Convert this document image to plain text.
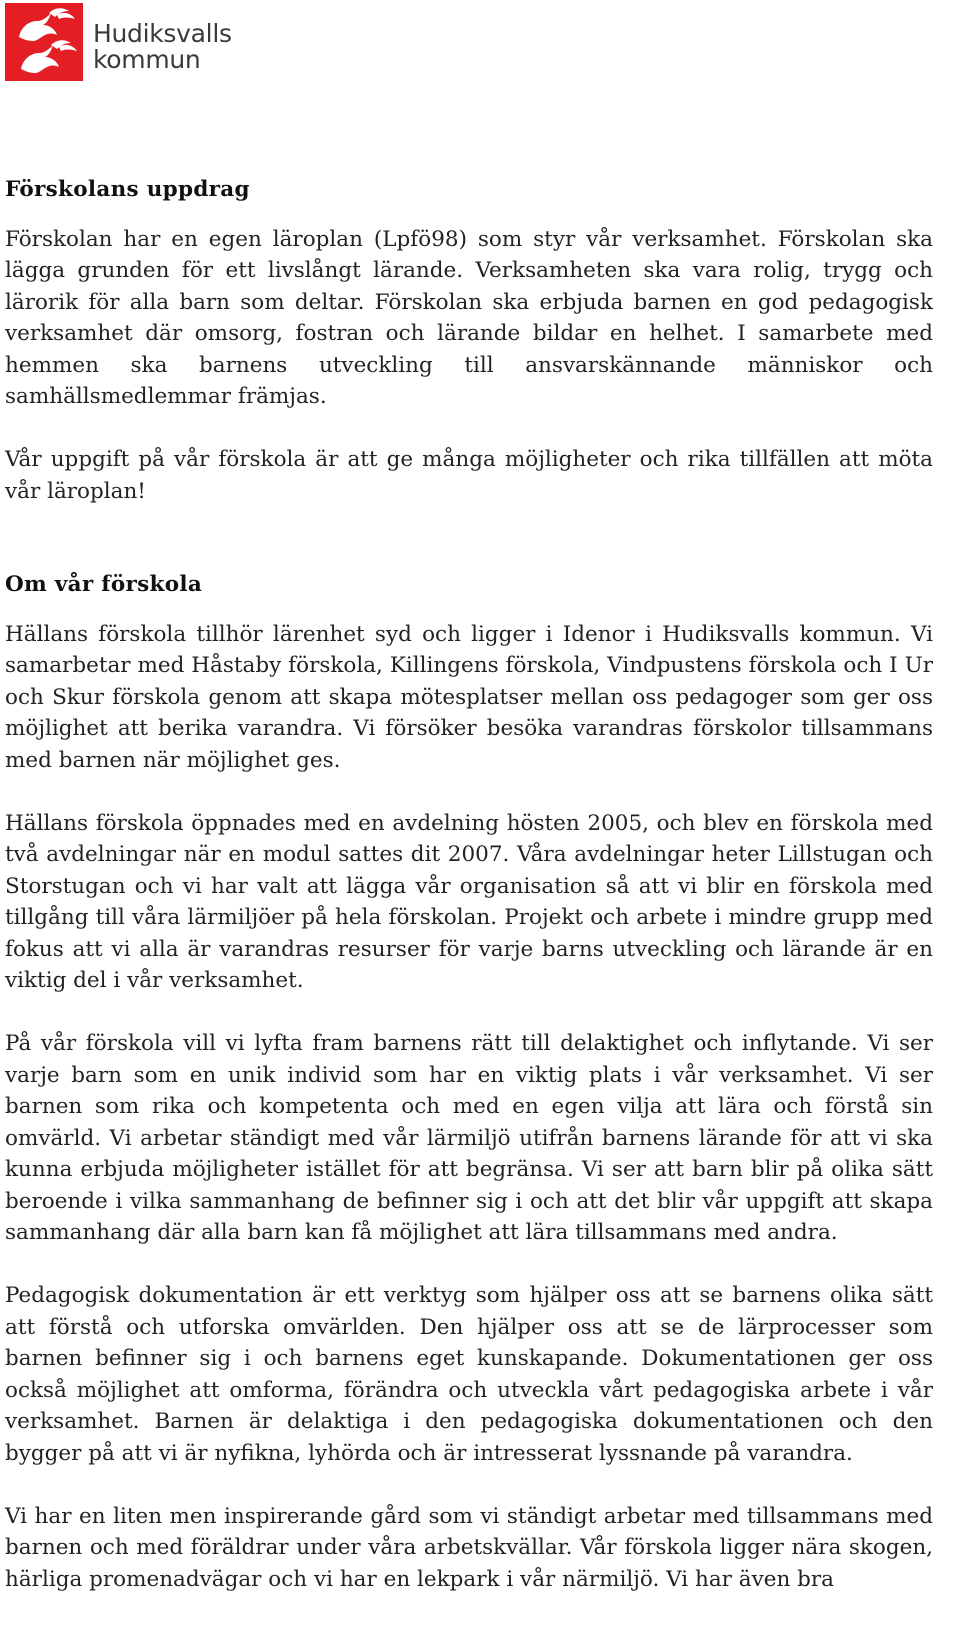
Hudiksvalls
kommun
Förskolans uppdrag

Förskolan har en egen läroplan (Lpfö98) som styr vår verksamhet. Förskolan ska lägga grunden för ett livslångt lärande. Verksamheten ska vara rolig, trygg och lärorik för alla barn som deltar. Förskolan ska erbjuda barnen en god pedagogisk verksamhet där omsorg, fostran och lärande bildar en helhet. I samarbete med hemmen ska barnens utveckling till ansvarskännande människor och samhällsmedlemmar främjas.

Vår uppgift på vår förskola är att ge många möjligheter och rika tillfällen att möta vår läroplan!

Om vår förskola

Hällans förskola tillhör lärenhet syd och ligger i Idenor i Hudiksvalls kommun. Vi samarbetar med Håstaby förskola, Killingens förskola, Vindpustens förskola och I Ur och Skur förskola genom att skapa mötesplatser mellan oss pedagoger som ger oss möjlighet att berika varandra. Vi försöker besöka varandras förskolor tillsammans med barnen när möjlighet ges.

Hällans förskola öppnades med en avdelning hösten 2005, och blev en förskola med två avdelningar när en modul sattes dit 2007. Våra avdelningar heter Lillstugan och Storstugan och vi har valt att lägga vår organisation så att vi blir en förskola med tillgång till våra lärmiljöer på hela förskolan. Projekt och arbete i mindre grupp med fokus att vi alla är varandras resurser för varje barns utveckling och lärande är en viktig del i vår verksamhet.

På vår förskola vill vi lyfta fram barnens rätt till delaktighet och inflytande. Vi ser varje barn som en unik individ som har en viktig plats i vår verksamhet. Vi ser barnen som rika och kompetenta och med en egen vilja att lära och förstå sin omvärld. Vi arbetar ständigt med vår lärmiljö utifrån barnens lärande för att vi ska kunna erbjuda möjligheter istället för att begränsa. Vi ser att barn blir på olika sätt beroende i vilka sammanhang de befinner sig i och att det blir vår uppgift att skapa sammanhang där alla barn kan få möjlighet att lära tillsammans med andra.

Pedagogisk dokumentation är ett verktyg som hjälper oss att se barnens olika sätt att förstå och utforska omvärlden. Den hjälper oss att se de lärprocesser som barnen befinner sig i och barnens eget kunskapande. Dokumentationen ger oss också möjlighet att omforma, förändra och utveckla vårt pedagogiska arbete i vår verksamhet. Barnen är delaktiga i den pedagogiska dokumentationen och den bygger på att vi är nyfikna, lyhörda och är intresserat lyssnande på varandra.

Vi har en liten men inspirerande gård som vi ständigt arbetar med tillsammans med barnen och med föräldrar under våra arbetskvällar. Vår förskola ligger nära skogen, härliga promenadvägar och vi har en lekpark i vår närmiljö. Vi har även bra
